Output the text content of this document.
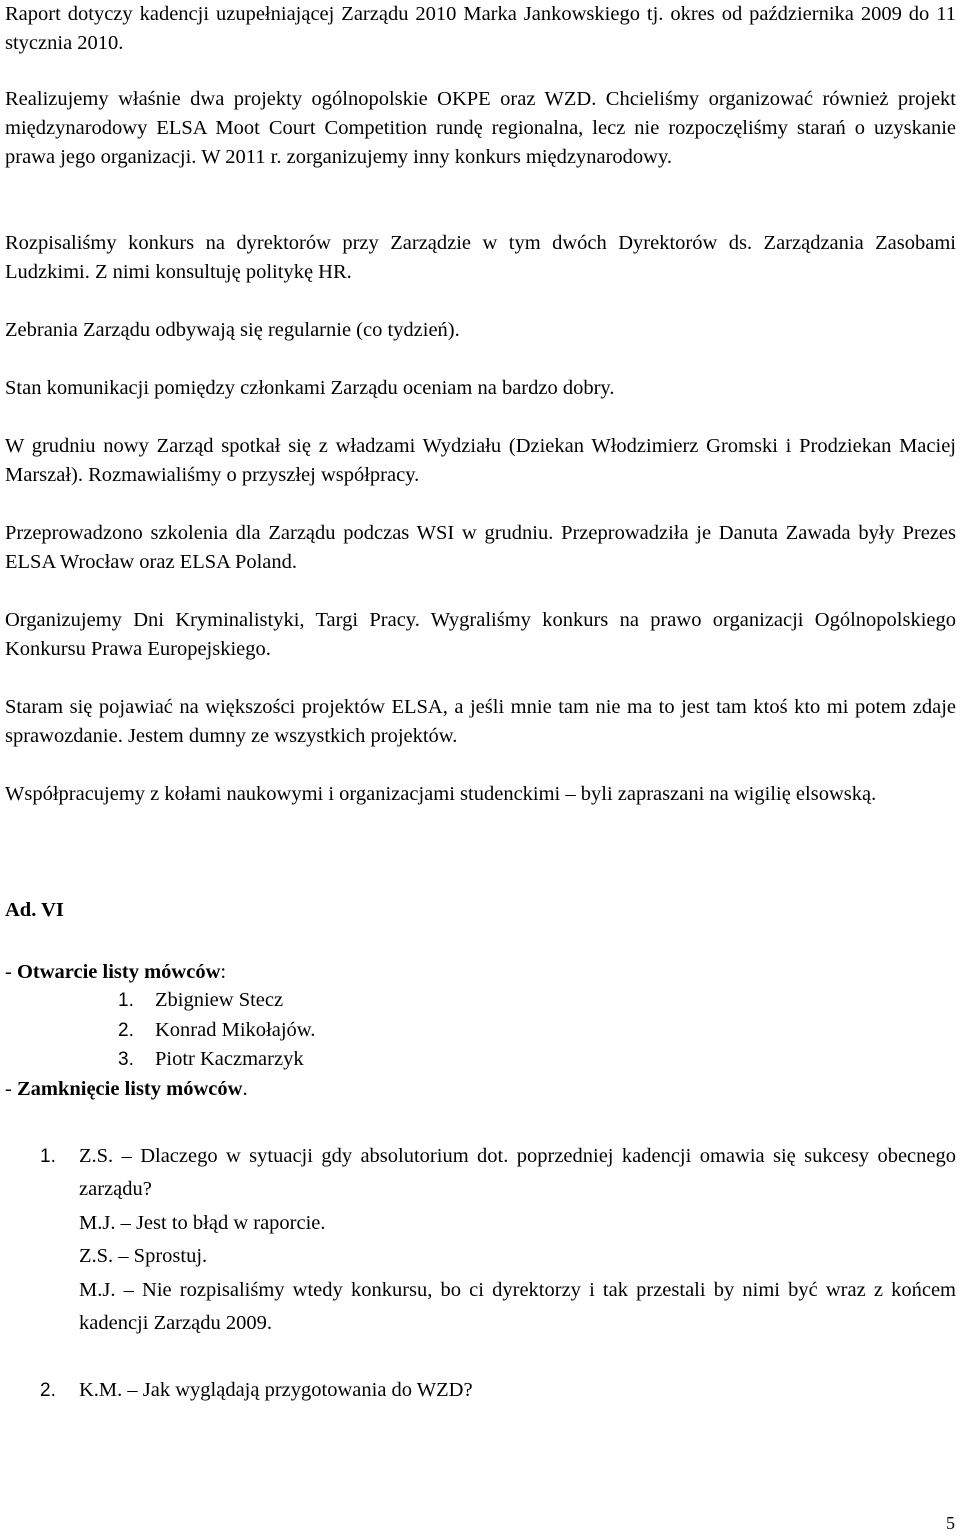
Raport dotyczy kadencji uzupełniającej Zarządu 2010 Marka Jankowskiego tj. okres od października 2009 do 11 stycznia 2010.

Realizujemy właśnie dwa projekty ogólnopolskie OKPE oraz WZD. Chcieliśmy organizować również projekt międzynarodowy ELSA Moot Court Competition rundę regionalna, lecz nie rozpoczęliśmy starań o uzyskanie prawa jego organizacji. W 2011 r. zorganizujemy inny konkurs międzynarodowy.

Rozpisaliśmy konkurs na dyrektorów przy Zarządzie w tym dwóch Dyrektorów ds. Zarządzania Zasobami Ludzkimi. Z nimi konsultuję politykę HR.

Zebrania Zarządu odbywają się regularnie (co tydzień).

Stan komunikacji pomiędzy członkami Zarządu oceniam na bardzo dobry.

W grudniu nowy Zarząd spotkał się z władzami Wydziału (Dziekan Włodzimierz Gromski i Prodziekan Maciej Marszał). Rozmawialiśmy o przyszłej współpracy.

Przeprowadzono szkolenia dla Zarządu podczas WSI w grudniu. Przeprowadziła je Danuta Zawada były Prezes ELSA Wrocław oraz ELSA Poland.

Organizujemy Dni Kryminalistyki, Targi Pracy. Wygraliśmy konkurs na prawo organizacji Ogólnopolskiego Konkursu Prawa Europejskiego.

Staram się pojawiać na większości projektów ELSA, a jeśli mnie tam nie ma to jest tam ktoś kto mi potem zdaje sprawozdanie. Jestem dumny ze wszystkich projektów.

Współpracujemy z kołami naukowymi i organizacjami studenckimi – byli zapraszani na wigilię elsowską.

Ad. VI

- Otwarcie listy mówców:

1.	Zbigniew Stecz
2.	Konrad Mikołajów.
3.	Piotr Kaczmarzyk

- Zamknięcie listy mówców.

1. Z.S. – Dlaczego w sytuacji gdy absolutorium dot. poprzedniej kadencji omawia się sukcesy obecnego zarządu?

M.J. – Jest to błąd w raporcie.

Z.S. – Sprostuj.

M.J. – Nie rozpisaliśmy wtedy konkursu, bo ci dyrektorzy i tak przestali by nimi być wraz z końcem kadencji Zarządu 2009.

2. K.M. – Jak wyglądają przygotowania do WZD?

5
